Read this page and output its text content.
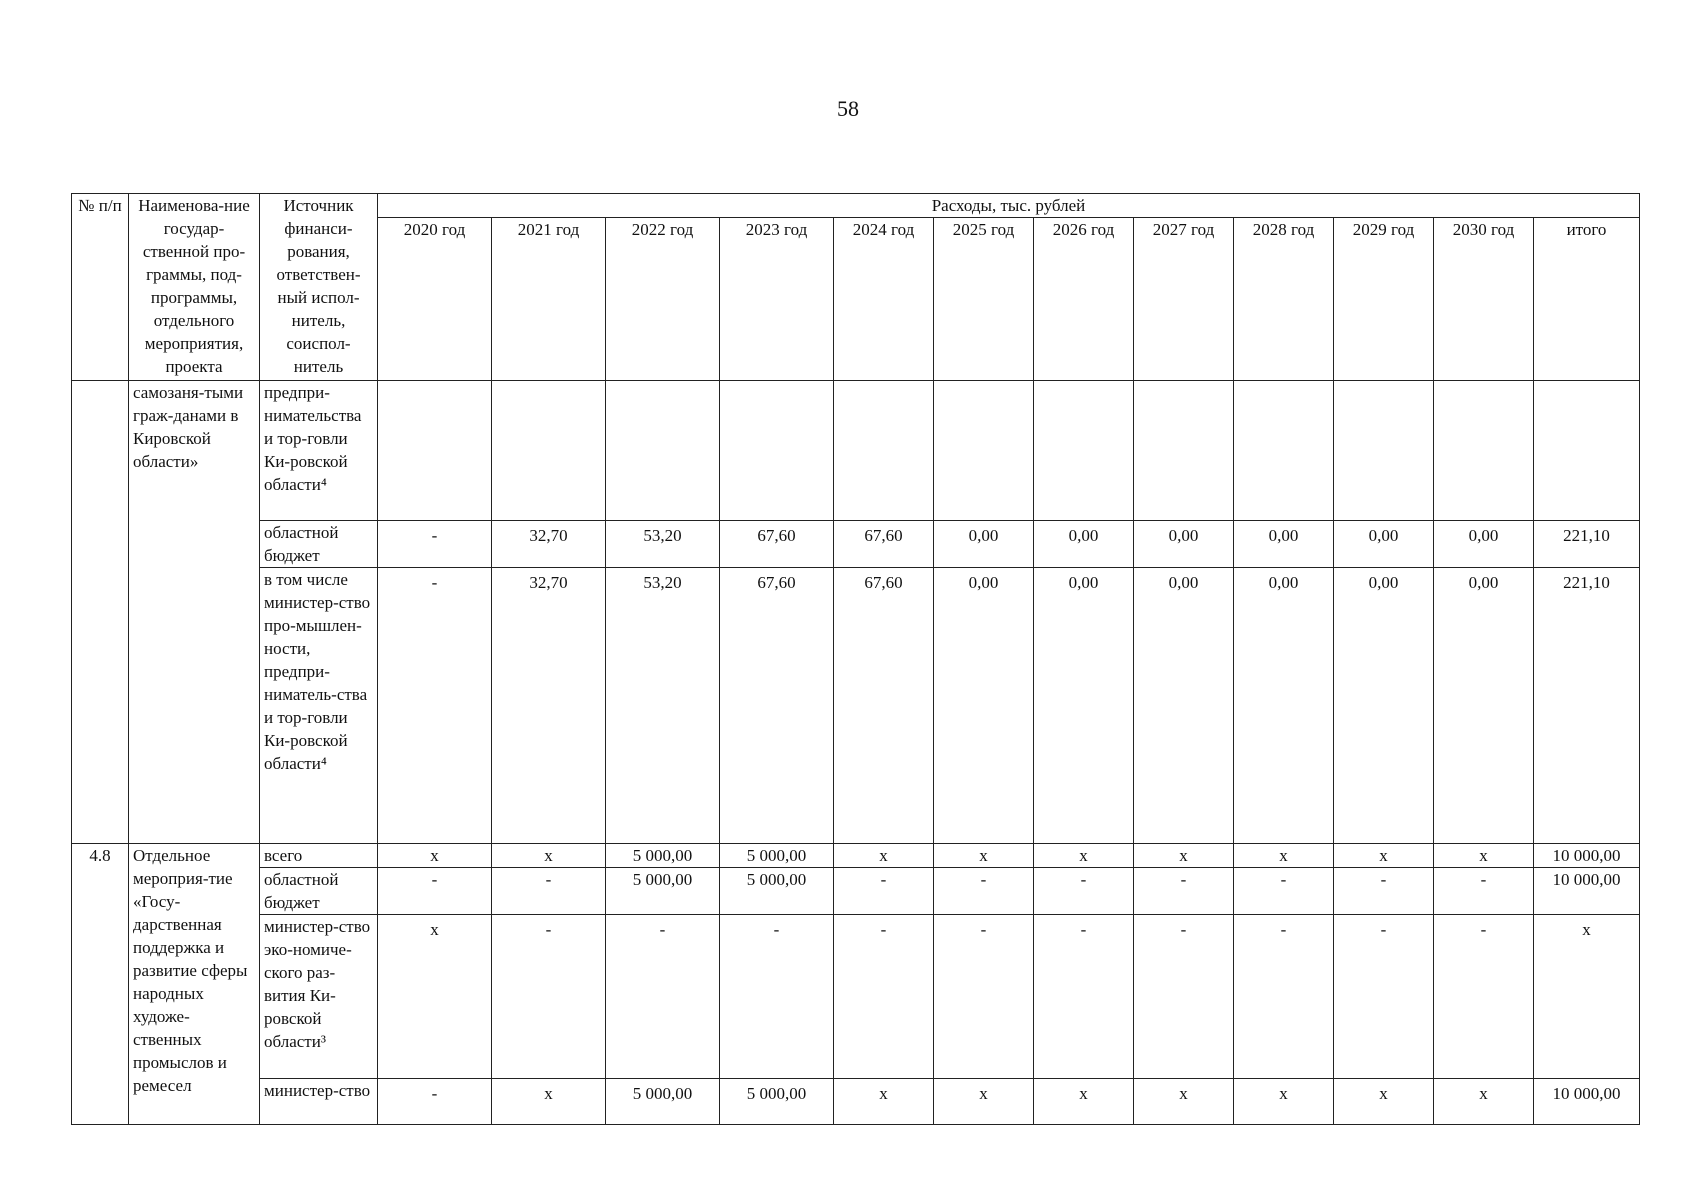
58
№ п/п	Наименова-ние государ-ственной про-граммы, под-программы, отдельного мероприятия, проекта	Источник финанси-рования, ответствен-ный испол-нитель, соиспол-нитель	Расходы, тыс. рублей											
			2020 год	2021 год	2022 год	2023 год	2024 год	2025 год	2026 год	2027 год	2028 год	2029 год	2030 год	итого
	самозаня-тыми граж-данами в Кировской области»	предпри-нимательства и тор-говли Ки-ровской области⁴												
		областной бюджет	-	32,70	53,20	67,60	67,60	0,00	0,00	0,00	0,00	0,00	0,00	221,10
		в том числе министер-ство про-мышлен-ности, предпри-ниматель-ства и тор-говли Ки-ровской области⁴	-	32,70	53,20	67,60	67,60	0,00	0,00	0,00	0,00	0,00	0,00	221,10
4.8	Отдельное мероприя-тие «Госу-дарственная поддержка и развитие сферы народных художе-ственных промыслов и ремесел	всего	х	х	5 000,00	5 000,00	х	х	х	х	х	х	х	10 000,00
		областной бюджет	-	-	5 000,00	5 000,00	-	-	-	-	-	-	-	10 000,00
		министер-ство эко-номиче-ского раз-вития Ки-ровской области³	х	-	-	-	-	-	-	-	-	-	-	х
		министер-ство	-	х	5 000,00	5 000,00	х	х	х	х	х	х	х	10 000,00
